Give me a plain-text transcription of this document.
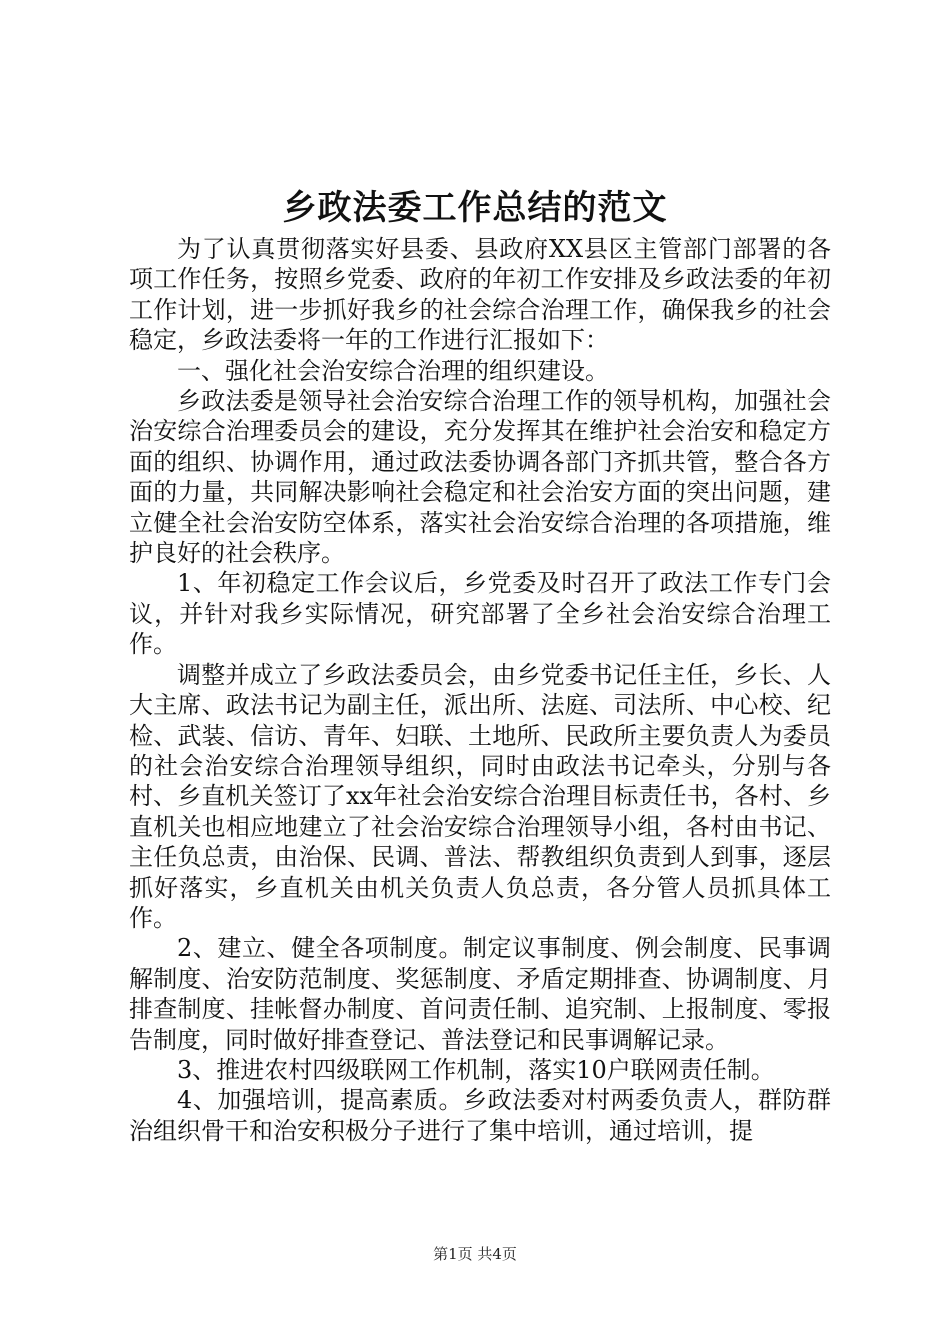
乡政法委工作总结的范文

为了认真贯彻落实好县委、县政府XX县区主管部门部署的各项工作任务，按照乡党委、政府的年初工作安排及乡政法委的年初工作计划，进一步抓好我乡的社会综合治理工作，确保我乡的社会稳定，乡政法委将一年的工作进行汇报如下：

一、强化社会治安综合治理的组织建设。

乡政法委是领导社会治安综合治理工作的领导机构，加强社会治安综合治理委员会的建设，充分发挥其在维护社会治安和稳定方面的组织、协调作用，通过政法委协调各部门齐抓共管，整合各方面的力量，共同解决影响社会稳定和社会治安方面的突出问题，建立健全社会治安防空体系，落实社会治安综合治理的各项措施，维护良好的社会秩序。

1、年初稳定工作会议后，乡党委及时召开了政法工作专门会议，并针对我乡实际情况，研究部署了全乡社会治安综合治理工作。

调整并成立了乡政法委员会，由乡党委书记任主任，乡长、人大主席、政法书记为副主任，派出所、法庭、司法所、中心校、纪检、武装、信访、青年、妇联、土地所、民政所主要负责人为委员的社会治安综合治理领导组织，同时由政法书记牵头，分别与各村、乡直机关签订了xx年社会治安综合治理目标责任书，各村、乡直机关也相应地建立了社会治安综合治理领导小组，各村由书记、主任负总责，由治保、民调、普法、帮教组织负责到人到事，逐层抓好落实，乡直机关由机关负责人负总责，各分管人员抓具体工作。

2、建立、健全各项制度。制定议事制度、例会制度、民事调解制度、治安防范制度、奖惩制度、矛盾定期排查、协调制度、月排查制度、挂帐督办制度、首问责任制、追究制、上报制度、零报告制度，同时做好排查登记、普法登记和民事调解记录。

3、推进农村四级联网工作机制，落实10户联网责任制。

4、加强培训，提高素质。乡政法委对村两委负责人，群防群治组织骨干和治安积极分子进行了集中培训，通过培训，提

第1页 共4页
